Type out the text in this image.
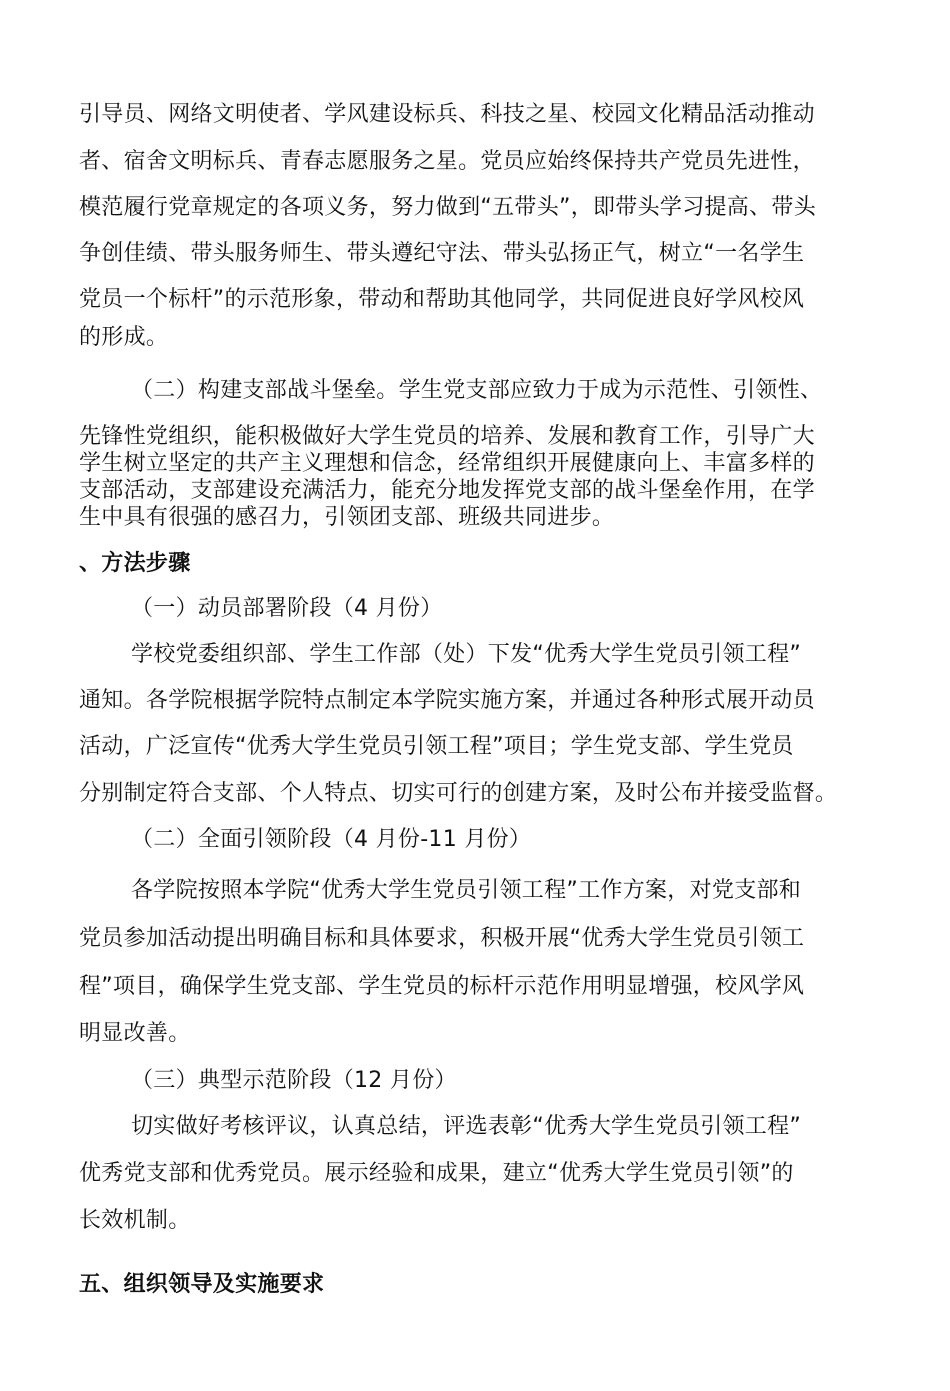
引导员、网络文明使者、学风建设标兵、科技之星、校园文化精品活动推动
者、宿舍文明标兵、青春志愿服务之星。党员应始终保持共产党员先进性，
模范履行党章规定的各项义务，努力做到“五带头”，即带头学习提高、带头
争创佳绩、带头服务师生、带头遵纪守法、带头弘扬正气，树立“一名学生
党员一个标杆”的示范形象，带动和帮助其他同学，共同促进良好学风校风
的形成。
（二）构建支部战斗堡垒。学生党支部应致力于成为示范性、引领性、
先锋性党组织，能积极做好大学生党员的培养、发展和教育工作，引导广大
学生树立坚定的共产主义理想和信念，经常组织开展健康向上、丰富多样的
支部活动，支部建设充满活力，能充分地发挥党支部的战斗堡垒作用，在学
生中具有很强的感召力，引领团支部、班级共同进步。
、方法步骤
（一）动员部署阶段（4 月份）
学校党委组织部、学生工作部（处）下发“优秀大学生党员引领工程”
通知。各学院根据学院特点制定本学院实施方案，并通过各种形式展开动员
活动，广泛宣传“优秀大学生党员引领工程”项目；学生党支部、学生党员
分别制定符合支部、个人特点、切实可行的创建方案，及时公布并接受监督。
（二）全面引领阶段（4 月份-11 月份）
各学院按照本学院“优秀大学生党员引领工程”工作方案，对党支部和
党员参加活动提出明确目标和具体要求，积极开展“优秀大学生党员引领工
程”项目，确保学生党支部、学生党员的标杆示范作用明显增强，校风学风
明显改善。
（三）典型示范阶段（12 月份）
切实做好考核评议，认真总结，评选表彰“优秀大学生党员引领工程”
优秀党支部和优秀党员。展示经验和成果，建立“优秀大学生党员引领”的
长效机制。
五、组织领导及实施要求
